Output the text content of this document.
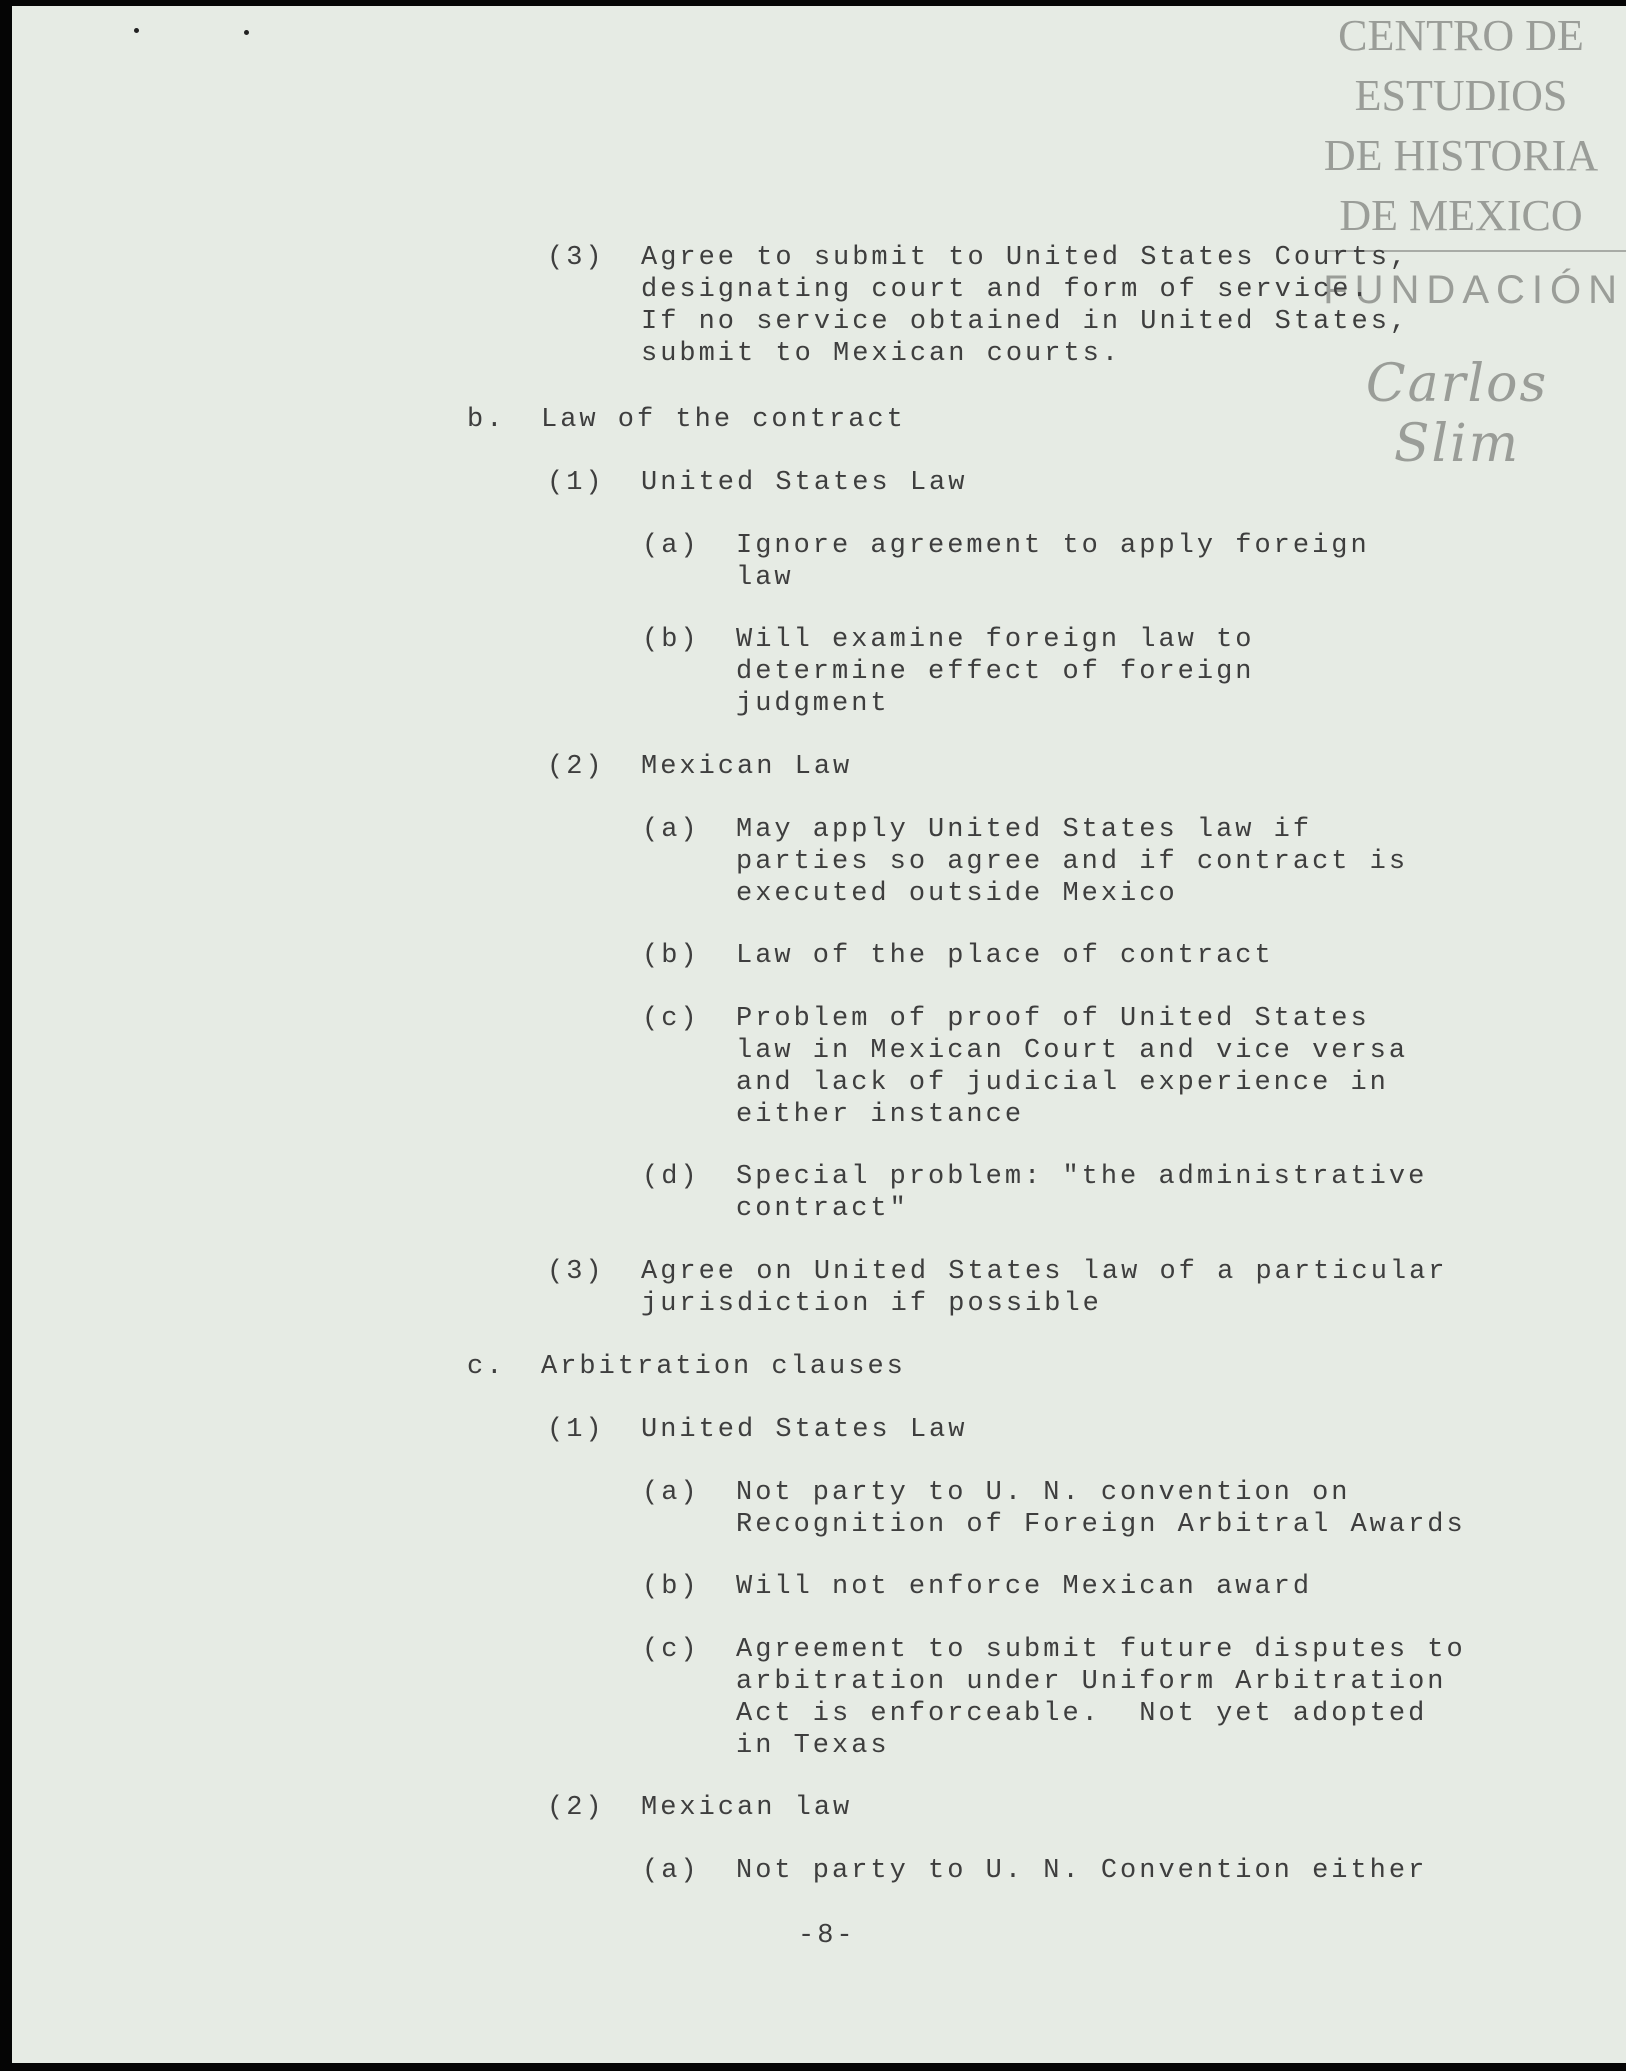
CENTRO DE
ESTUDIOS
DE HISTORIA
DE MEXICO
FUNDACIÓN
Carlos Slim
(3)	Agree to submit to United States Courts,
designating court and form of service.
If no service obtained in United States,
submit to Mexican courts.
b.	Law of the contract
(1)	United States Law
(a)	Ignore agreement to apply foreign
law
(b)	Will examine foreign law to
determine effect of foreign
judgment
(2)	Mexican Law
(a)	May apply United States law if
parties so agree and if contract is
executed outside Mexico
(b)	Law of the place of contract
(c)	Problem of proof of United States
law in Mexican Court and vice versa
and lack of judicial experience in
either instance
(d)	Special problem: "the administrative
contract"
(3)	Agree on United States law of a particular
jurisdiction if possible
c.	Arbitration clauses
(1)	United States Law
(a)	Not party to U. N. convention on
Recognition of Foreign Arbitral Awards
(b)	Will not enforce Mexican award
(c)	Agreement to submit future disputes to
arbitration under Uniform Arbitration
Act is enforceable.  Not yet adopted
in Texas
(2)	Mexican law
(a)	Not party to U. N. Convention either
-8-
